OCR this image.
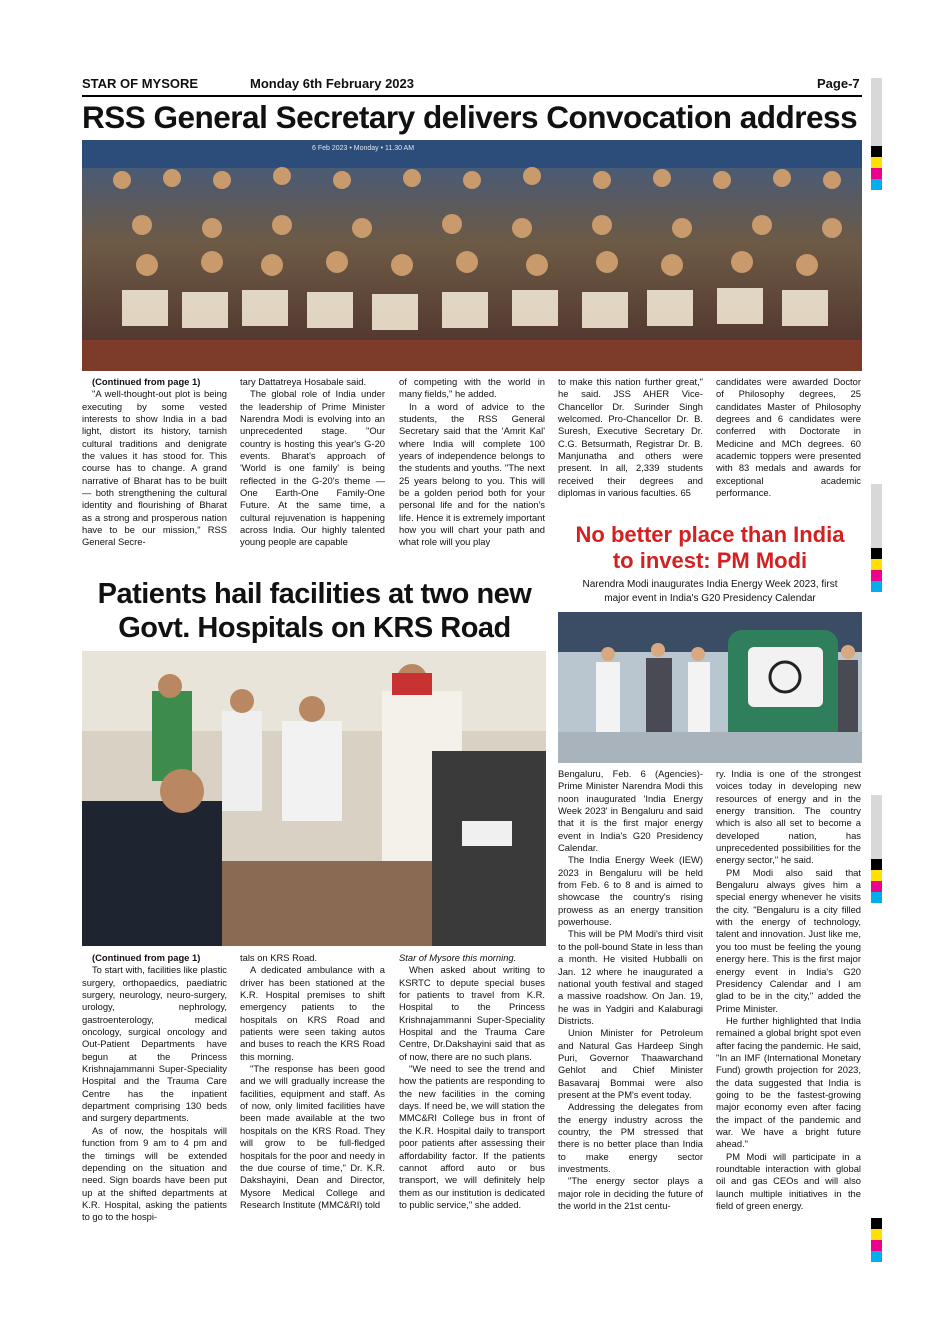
STAR OF MYSORE	Monday 6th February 2023	Page-7
RSS General Secretary delivers Convocation address
6 Feb 2023 • Monday • 11.30 AM

(Continued from page 1)

"A well-thought-out plot is being executing by some vested interests to show India in a bad light, distort its history, tarnish cultural traditions and denigrate the values it has stood for. This course has to change. A grand narrative of Bharat has to be built — both strengthening the cultural identity and flourishing of Bharat as a strong and prosperous nation have to be our mission," RSS General Secre-

tary Dattatreya Hosabale said.

The global role of India under the leadership of Prime Minister Narendra Modi is evolving into an unprecedented stage. "Our country is hosting this year's G-20 events. Bharat's approach of 'World is one family' is being reflected in the G-20's theme — One Earth-One Family-One Future. At the same time, a cultural rejuvenation is happening across India. Our highly talented young people are capable

of competing with the world in many fields," he added.

In a word of advice to the students, the RSS General Secretary said that the 'Amrit Kal' where India will complete 100 years of independence belongs to the students and youths. "The next 25 years belong to you. This will be a golden period both for your personal life and for the nation's life. Hence it is extremely important how you will chart your path and what role will you play

to make this nation further great," he said. JSS AHER Vice-Chancellor Dr. Surinder Singh welcomed. Pro-Chancellor Dr. B. Suresh, Executive Secretary Dr. C.G. Betsurmath, Registrar Dr. B. Manjunatha and others were present. In all, 2,339 students received their degrees and diplomas in various faculties. 65

candidates were awarded Doctor of Philosophy degrees, 25 candidates Master of Philosophy degrees and 6 candidates were conferred with Doctorate in Medicine and MCh degrees. 60 academic toppers were presented with 83 medals and awards for exceptional academic performance.

No better place than India
to invest: PM Modi
Narendra Modi inaugurates India Energy Week 2023, first
major event in India's G20 Presidency Calendar
Patients hail facilities at two new
Govt. Hospitals on KRS Road

(Continued from page 1)

To start with, facilities like plastic surgery, orthopaedics, paediatric surgery, neurology, neuro-surgery, urology, nephrology, gastroenterology, medical oncology, surgical oncology and Out-Patient Departments have begun at the Princess Krishnajammanni Super-Speciality Hospital and the Trauma Care Centre has the inpatient department comprising 130 beds and surgery departments.

As of now, the hospitals will function from 9 am to 4 pm and the timings will be extended depending on the situation and need. Sign boards have been put up at the shifted departments at K.R. Hospital, asking the patients to go to the hospi-

tals on KRS Road.

A dedicated ambulance with a driver has been stationed at the K.R. Hospital premises to shift emergency patients to the hospitals on KRS Road and patients were seen taking autos and buses to reach the KRS Road this morning.

"The response has been good and we will gradually increase the facilities, equipment and staff. As of now, only limited facilities have been made available at the two hospitals on the KRS Road. They will grow to be full-fledged hospitals for the poor and needy in the due course of time," Dr. K.R. Dakshayini, Dean and Director, Mysore Medical College and Research Institute (MMC&RI) told

Star of Mysore this morning.

When asked about writing to KSRTC to depute special buses for patients to travel from K.R. Hospital to the Princess Krishnajammanni Super-Speciality Hospital and the Trauma Care Centre, Dr.Dakshayini said that as of now, there are no such plans.

"We need to see the trend and how the patients are responding to the new facilities in the coming days. If need be, we will station the MMC&RI College bus in front of the K.R. Hospital daily to transport poor patients after assessing their affordability factor. If the patients cannot afford auto or bus transport, we will definitely help them as our institution is dedicated to public service," she added.

Bengaluru, Feb. 6 (Agencies)- Prime Minister Narendra Modi this noon inaugurated 'India Energy Week 2023' in Bengaluru and said that it is the first major energy event in India's G20 Presidency Calendar.

The India Energy Week (IEW) 2023 in Bengaluru will be held from Feb. 6 to 8 and is aimed to showcase the country's rising prowess as an energy transition powerhouse.

This will be PM Modi's third visit to the poll-bound State in less than a month. He visited Hubballi on Jan. 12 where he inaugurated a national youth festival and staged a massive roadshow. On Jan. 19, he was in Yadgiri and Kalaburagi Districts.

Union Minister for Petroleum and Natural Gas Hardeep Singh Puri, Governor Thaawarchand Gehlot and Chief Minister Basavaraj Bommai were also present at the PM's event today.

Addressing the delegates from the energy industry across the country, the PM stressed that there is no better place than India to make energy sector investments.

"The energy sector plays a major role in deciding the future of the world in the 21st centu-

ry. India is one of the strongest voices today in developing new resources of energy and in the energy transition. The country which is also all set to become a developed nation, has unprecedented possibilities for the energy sector," he said.

PM Modi also said that Bengaluru always gives him a special energy whenever he visits the city. "Bengaluru is a city filled with the energy of technology, talent and innovation. Just like me, you too must be feeling the young energy here. This is the first major energy event in India's G20 Presidency Calendar and I am glad to be in the city," added the Prime Minister.

He further highlighted that India remained a global bright spot even after facing the pandemic. He said, "In an IMF (International Monetary Fund) growth projection for 2023, the data suggested that India is going to be the fastest-growing major economy even after facing the impact of the pandemic and war. We have a bright future ahead."

PM Modi will participate in a roundtable interaction with global oil and gas CEOs and will also launch multiple initiatives in the field of green energy.
